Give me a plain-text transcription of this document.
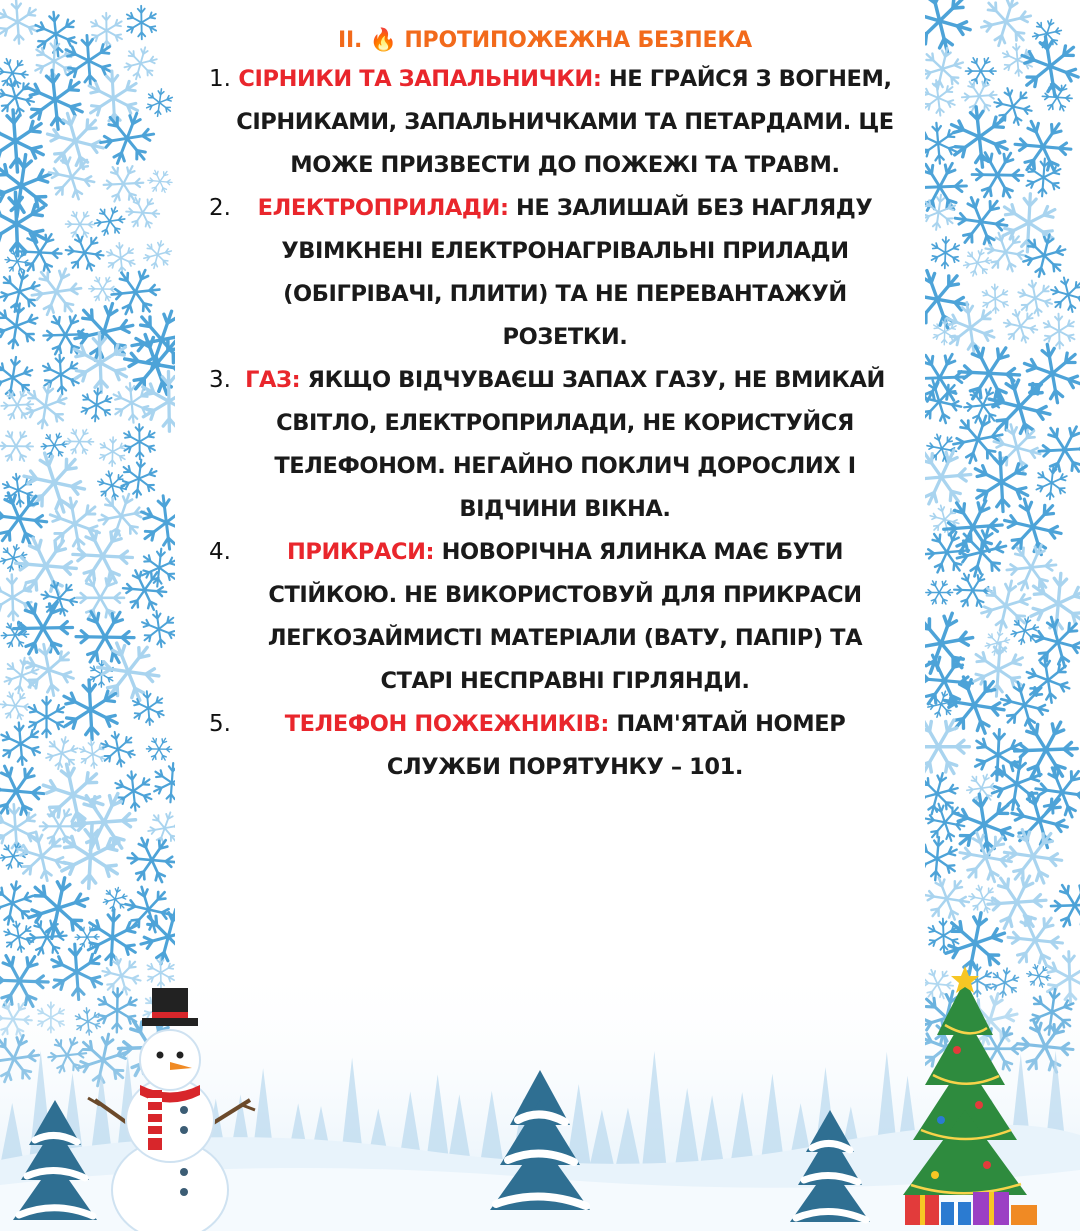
II. 🔥 ПРОТИПОЖЕЖНА БЕЗПЕКА
1. СІРНИКИ ТА ЗАПАЛЬНИЧКИ: НЕ ГРАЙСЯ З ВОГНЕМ, СІРНИКАМИ, ЗАПАЛЬНИЧКАМИ ТА ПЕТАРДАМИ. ЦЕ МОЖЕ ПРИЗВЕСТИ ДО ПОЖЕЖІ ТА ТРАВМ.
2.	ЕЛЕКТРОПРИЛАДИ: НЕ ЗАЛИШАЙ БЕЗ НАГЛЯДУ УВІМКНЕНІ ЕЛЕКТРОНАГРІВАЛЬНІ ПРИЛАДИ (ОБІГРІВАЧІ, ПЛИТИ) ТА НЕ ПЕРЕВАНТАЖУЙ РОЗЕТКИ.
3. ГАЗ: ЯКЩО ВІДЧУВАЄШ ЗАПАХ ГАЗУ, НЕ ВМИКАЙ СВІТЛО, ЕЛЕКТРОПРИЛАДИ, НЕ КОРИСТУЙСЯ ТЕЛЕФОНОМ. НЕГАЙНО ПОКЛИЧ ДОРОСЛИХ І ВІДЧИНИ ВІКНА.
4.	ПРИКРАСИ: НОВОРІЧНА ЯЛИНКА МАЄ БУТИ СТІЙКОЮ. НЕ ВИКОРИСТОВУЙ ДЛЯ ПРИКРАСИ ЛЕГКОЗАЙМИСТІ МАТЕРІАЛИ (ВАТУ, ПАПІР) ТА СТАРІ НЕСПРАВНІ ГІРЛЯНДИ.
5.	ТЕЛЕФОН ПОЖЕЖНИКІВ: ПАМ'ЯТАЙ НОМЕР СЛУЖБИ ПОРЯТУНКУ – 101.
